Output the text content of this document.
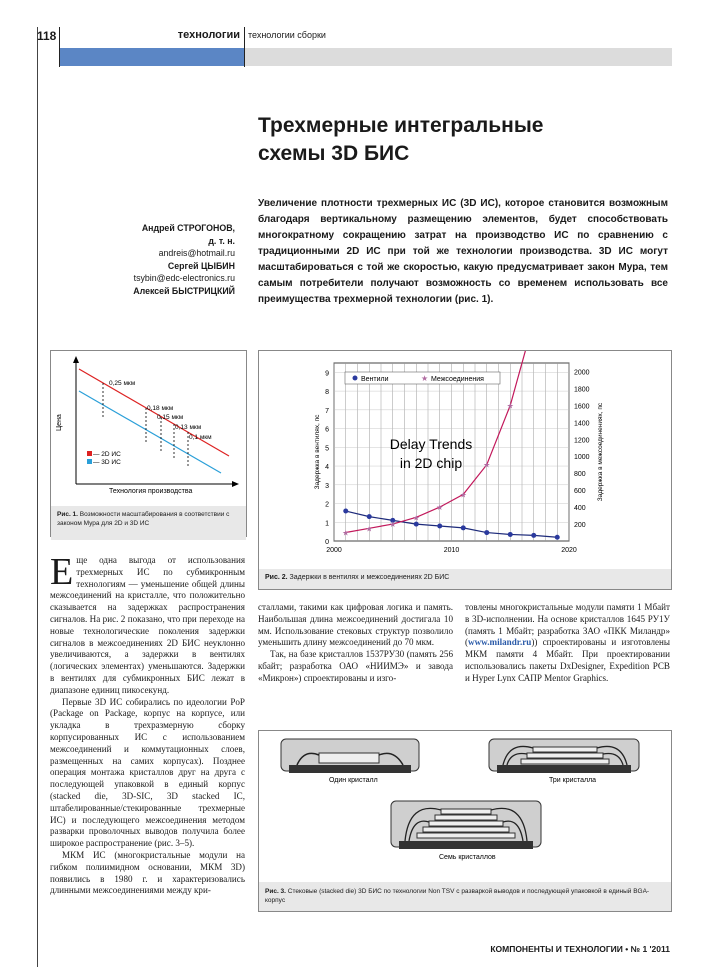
118	технологии технологии сборки
Трехмерные интегральные
схемы 3D БИС
Андрей СТРОГОНОВ,
д. т. н.
andreis@hotmail.ru
Сергей ЦЫБИН
tsybin@edc-electronics.ru
Алексей БЫСТРИЦКИЙ
Увеличение плотности трехмерных ИС (3D ИС), которое становится возможным благодаря вертикальному размещению элементов, будет способствовать многократному сокращению затрат на производство ИС по сравнению с традиционными 2D ИС при той же технологии производства. 3D ИС могут масштабироваться с той же скоростью, какую предусматривает закон Мура, тем самым потребители получают возможность со временем использовать все преимущества трехмерной технологии (рис. 1).
Цена
Технология производства
0,25 мкм
0,18 мкм
0,15 мкм
0,13 мкм
0,1 мкм
— 2D ИС
— 3D ИС
Рис. 1. Возможности масштабирования в соответствии с законом Мура для 2D и 3D ИС
0
1
2
3
4
5
6
7
8
9
200
400
600
800
1000
1200
1400
1600
1800
2000
2000	2010	2020
Задержка в вентилях, пс	Задержка в межсоединениях, пс
★ ★ ★
★
★
★
★
★
Вентили	★ Межсоединения
Delay Trends
in 2D chip
Рис. 2. Задержки в вентилях и межсоединениях 2D БИС
Один кристалл	Три кристалла
Семь кристаллов
Рис. 3. Стековые (stacked die) 3D БИС по технологии Non TSV с разваркой выводов и последующей упаковкой в единый BGA-корпус

Еще одна выгода от использования трехмерных ИС по субмикронным технологиям — уменьшение общей длины межсоединений на кристалле, что положительно сказывается на задержках распространения сигналов. На рис. 2 показано, что при переходе на новые технологические поколения задержки сигналов в межсоединениях 2D БИС неуклонно увеличиваются, а задержки в вентилях (логических элементах) уменьшаются. Задержки в вентилях для субмикронных БИС лежат в диапазоне единиц пикосекунд.

Первые 3D ИС собирались по идеологии PoP (Package on Package, корпус на корпусе, или укладка в трехразмерную сборку корпусированных ИС с использованием межсоединений и коммутационных слоев, размещенных на самих корпусах). Позднее операция монтажа кристаллов друг на друга с последующей упаковкой в единый корпус (stacked die, 3D-SIC, 3D stacked IC, штабелированные/стекированные трехмерные ИС) и последующего межсоединения методом разварки проволочных выводов получила более широкое распространение (рис. 3–5).

МКМ ИС (многокристальные модули на гибком полиимидном основании, МКМ 3D) появились в 1980 г. и характеризовались длинными межсоединениями между кри-

сталлами, такими как цифровая логика и память. Наибольшая длина межсоединений достигала 10 мм. Использование стековых структур позволило уменьшить длину межсоединений до 70 мкм.

Так, на базе кристаллов 1537РУ30 (память 256 кбайт; разработка ОАО «НИИМЭ» и завода «Микрон») спроектированы и изго-

товлены многокристальные модули памяти 1 Мбайт в 3D-исполнении. На основе кристаллов 1645 РУ1У (память 1 Мбайт; разработка ЗАО «ПКК Миландр» (www.milandr.ru)) спроектированы и изготовлены МКМ памяти 4 Мбайт. При проектировании использовались пакеты DxDesigner, Expedition PCB и Hyper Lynx САПР Mentor Graphics.

КОМПОНЕНТЫ И ТЕХНОЛОГИИ • № 1 '2011
